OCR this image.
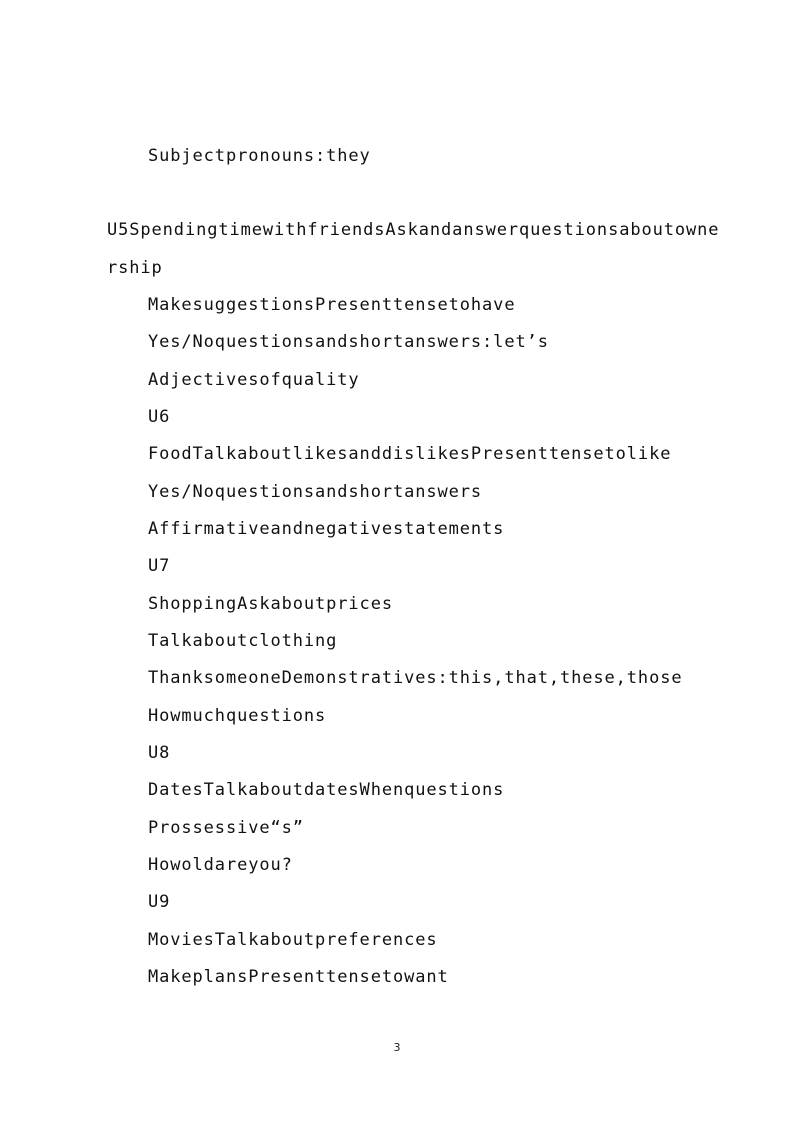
Subjectpronouns:they
U5SpendingtimewithfriendsAskandanswerquestionsaboutowne
rship
MakesuggestionsPresenttensetohave
Yes/Noquestionsandshortanswers:let’s
Adjectivesofquality
U6
FoodTalkaboutlikesanddislikesPresenttensetolike
Yes/Noquestionsandshortanswers
Affirmativeandnegativestatements
U7
ShoppingAskaboutprices
Talkaboutclothing
ThanksomeoneDemonstratives:this,that,these,those
Howmuchquestions
U8
DatesTalkaboutdatesWhenquestions
Prossessive“s”
Howoldareyou?
U9
MoviesTalkaboutpreferences
MakeplansPresenttensetowant
3
